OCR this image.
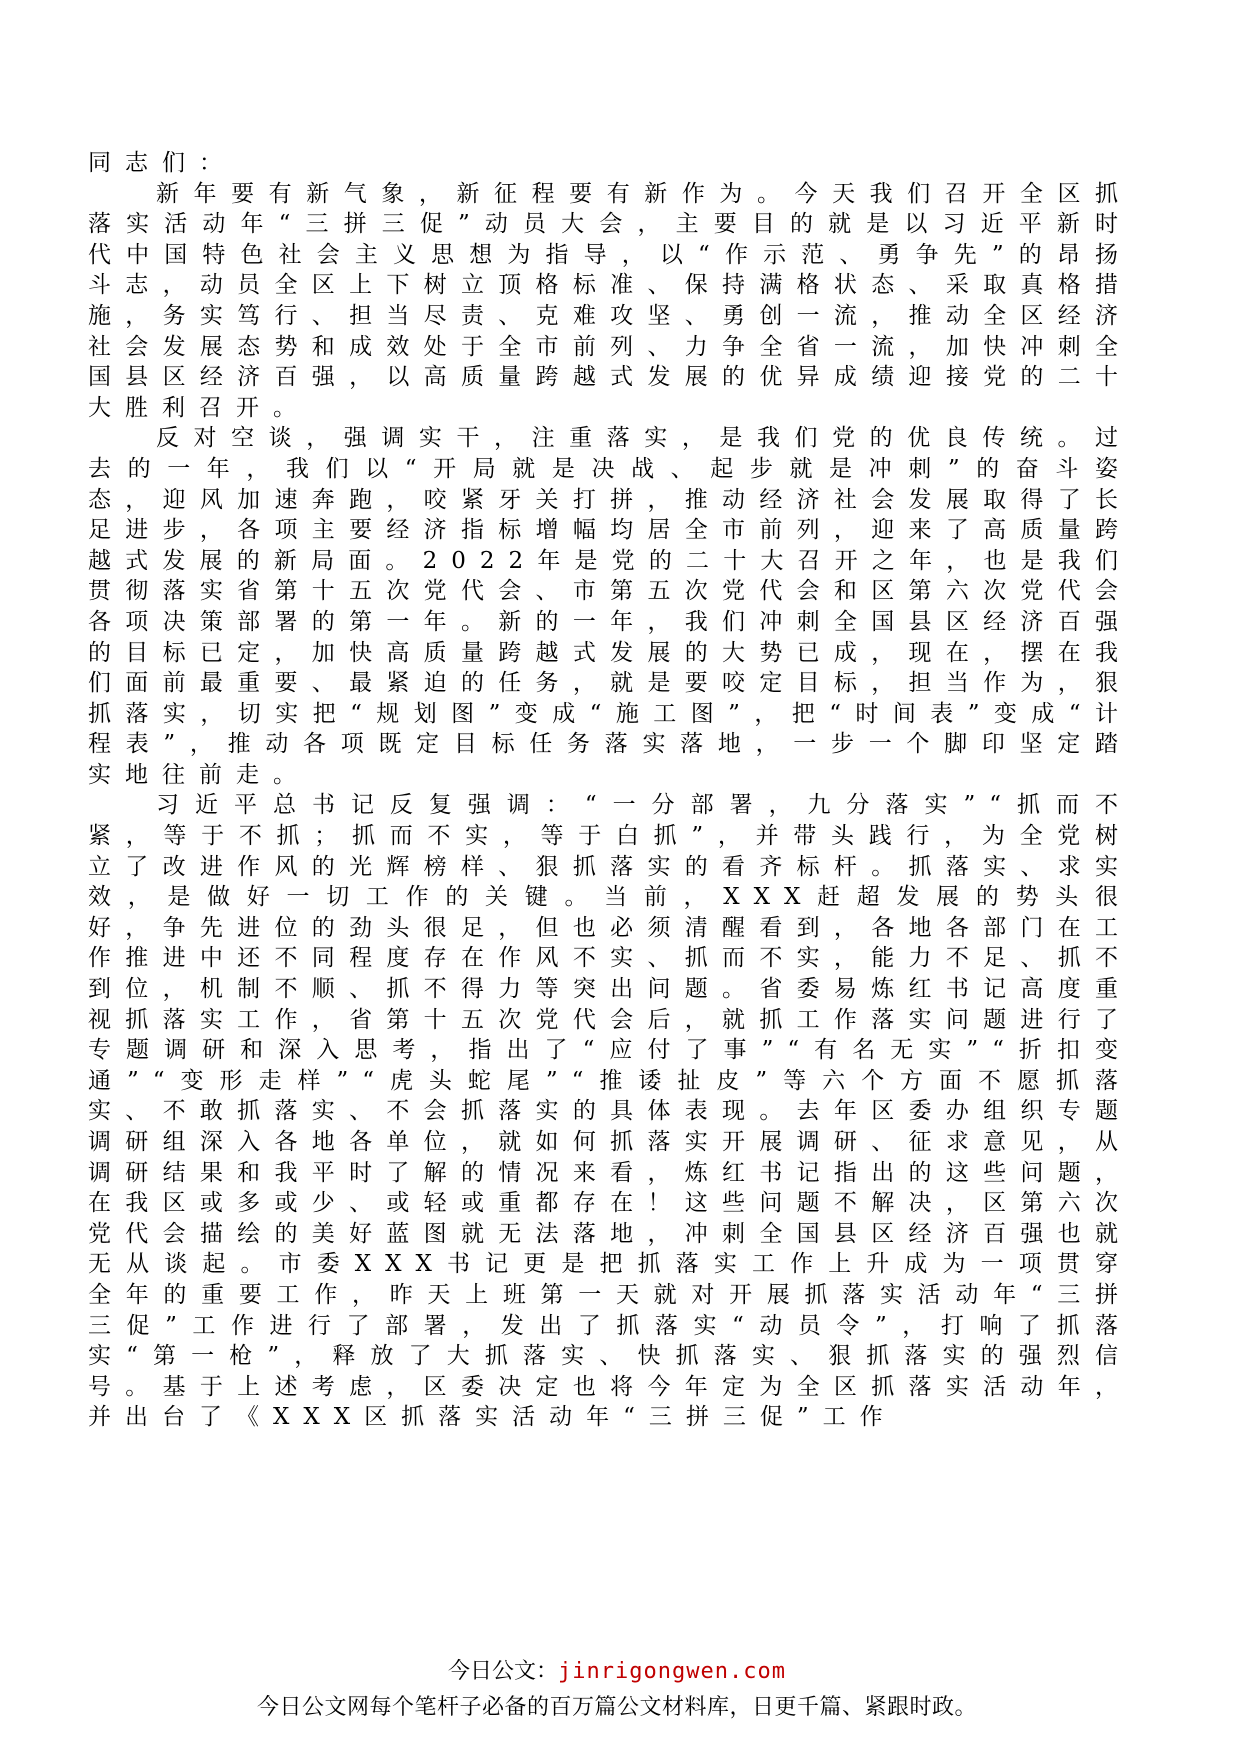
同志们：

新年要有新气象，新征程要有新作为。今天我们召开全区抓落实活动年“三拼三促”动员大会，主要目的就是以习近平新时代中国特色社会主义思想为指导，以“作示范、勇争先”的昂扬斗志，动员全区上下树立顶格标准、保持满格状态、采取真格措施，务实笃行、担当尽责、克难攻坚、勇创一流，推动全区经济社会发展态势和成效处于全市前列、力争全省一流，加快冲刺全国县区经济百强，以高质量跨越式发展的优异成绩迎接党的二十大胜利召开。

反对空谈，强调实干，注重落实，是我们党的优良传统。过去的一年，我们以“开局就是决战、起步就是冲刺”的奋斗姿态，迎风加速奔跑，咬紧牙关打拼，推动经济社会发展取得了长足进步，各项主要经济指标增幅均居全市前列，迎来了高质量跨越式发展的新局面。2022年是党的二十大召开之年，也是我们贯彻落实省第十五次党代会、市第五次党代会和区第六次党代会各项决策部署的第一年。新的一年，我们冲刺全国县区经济百强的目标已定，加快高质量跨越式发展的大势已成，现在，摆在我们面前最重要、最紧迫的任务，就是要咬定目标，担当作为，狠抓落实，切实把“规划图”变成“施工图”，把“时间表”变成“计程表”，推动各项既定目标任务落实落地，一步一个脚印坚定踏实地往前走。

习近平总书记反复强调：“一分部署，九分落实”“抓而不紧，等于不抓；抓而不实，等于白抓”，并带头践行，为全党树立了改进作风的光辉榜样、狠抓落实的看齐标杆。抓落实、求实效，是做好一切工作的关键。当前，XXX赶超发展的势头很好，争先进位的劲头很足，但也必须清醒看到，各地各部门在工作推进中还不同程度存在作风不实、抓而不实，能力不足、抓不到位，机制不顺、抓不得力等突出问题。省委易炼红书记高度重视抓落实工作，省第十五次党代会后，就抓工作落实问题进行了专题调研和深入思考，指出了“应付了事”“有名无实”“折扣变通”“变形走样”“虎头蛇尾”“推诿扯皮”等六个方面不愿抓落实、不敢抓落实、不会抓落实的具体表现。去年区委办组织专题调研组深入各地各单位，就如何抓落实开展调研、征求意见，从调研结果和我平时了解的情况来看，炼红书记指出的这些问题，在我区或多或少、或轻或重都存在！这些问题不解决，区第六次党代会描绘的美好蓝图就无法落地，冲刺全国县区经济百强也就无从谈起。市委XXX书记更是把抓落实工作上升成为一项贯穿全年的重要工作，昨天上班第一天就对开展抓落实活动年“三拼三促”工作进行了部署，发出了抓落实“动员令”，打响了抓落实“第一枪”，释放了大抓落实、快抓落实、狠抓落实的强烈信号。基于上述考虑，区委决定也将今年定为全区抓落实活动年，并出台了《XXX区抓落实活动年“三拼三促”工作

今日公文：jinrigongwen.com
今日公文网每个笔杆子必备的百万篇公文材料库，日更千篇、紧跟时政。
